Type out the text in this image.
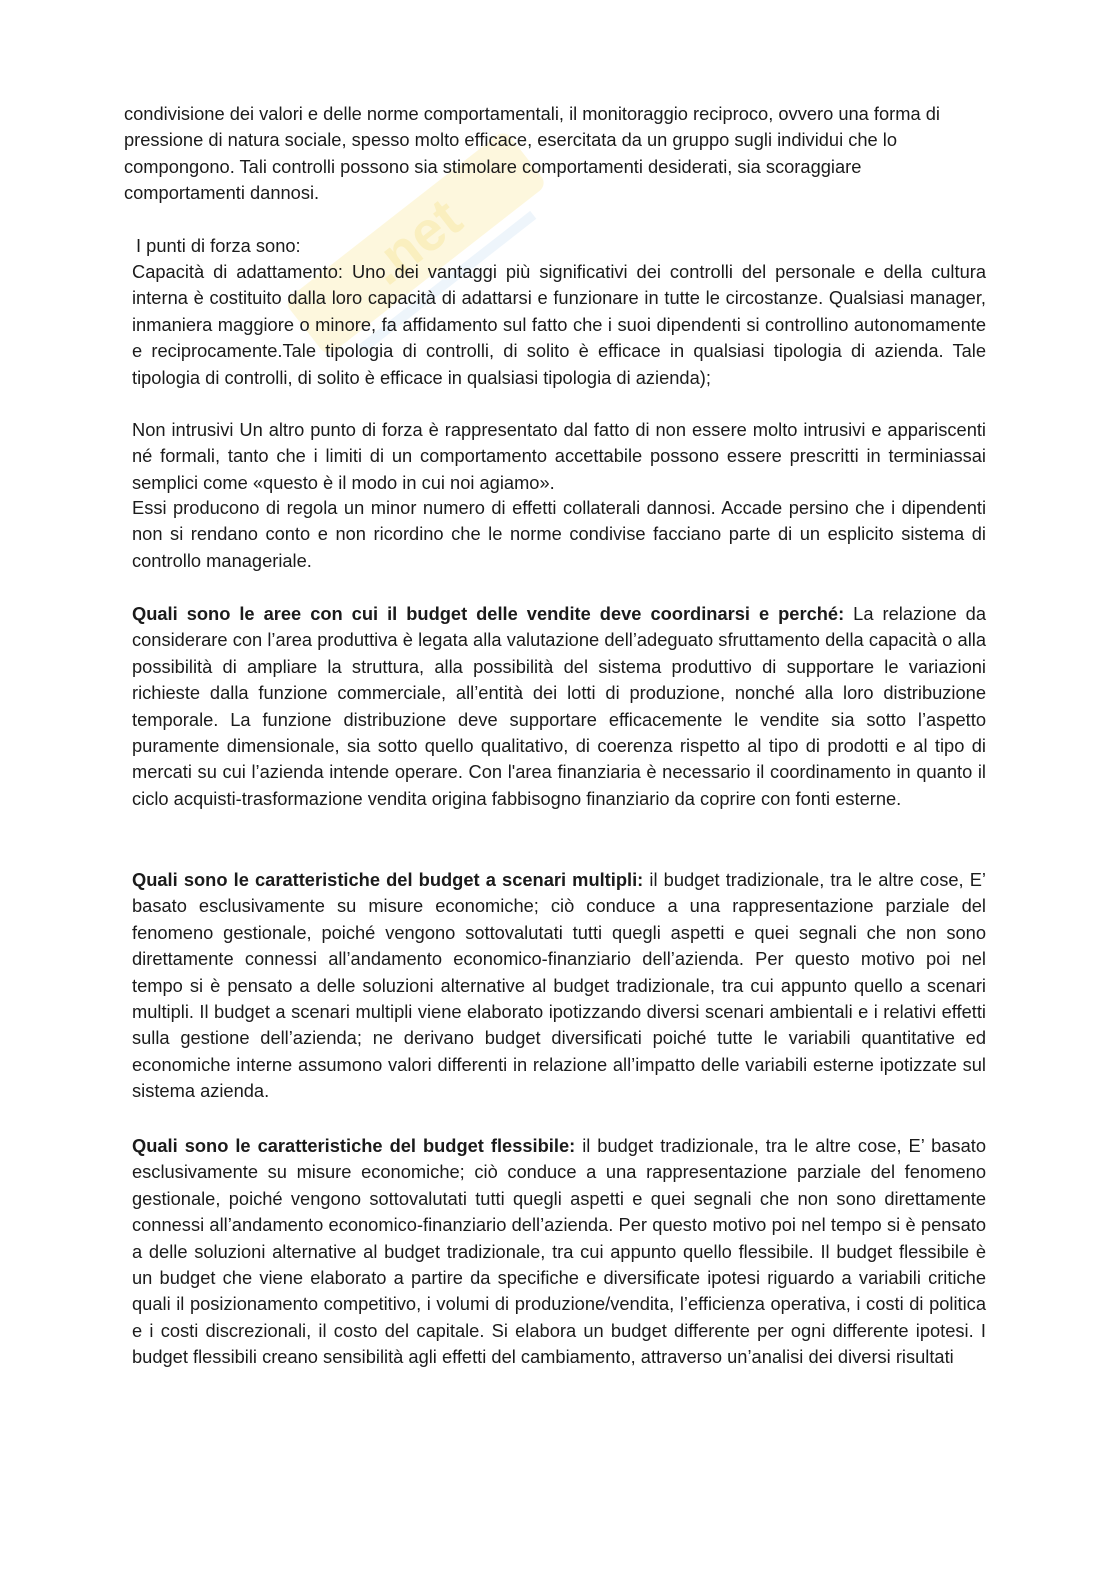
.net

condivisione dei valori e delle norme comportamentali, il monitoraggio reciproco, ovvero una forma di pressione di natura sociale, spesso molto efficace, esercitata da un gruppo sugli individui che lo compongono. Tali controlli possono sia stimolare comportamenti desiderati, sia scoraggiare comportamenti dannosi.

I punti di forza sono:

Capacità di adattamento: Uno dei vantaggi più significativi dei controlli del personale e della cultura interna è costituito dalla loro capacità di adattarsi e funzionare in tutte le circostanze. Qualsiasi manager, inmaniera maggiore o minore, fa affidamento sul fatto che i suoi dipendenti si controllino autonomamente e reciprocamente.Tale tipologia di controlli, di solito è efficace in qualsiasi tipologia di azienda. Tale tipologia di controlli, di solito è efficace in qualsiasi tipologia di azienda);

Non intrusivi Un altro punto di forza è rappresentato dal fatto di non essere molto intrusivi e appariscenti né formali, tanto che i limiti di un comportamento accettabile possono essere prescritti in terminiassai semplici come «questo è il modo in cui noi agiamo».

Essi producono di regola un minor numero di effetti collaterali dannosi. Accade persino che i dipendenti non si rendano conto e non ricordino che le norme condivise facciano parte di un esplicito sistema di controllo manageriale.

Quali sono le aree con cui il budget delle vendite deve coordinarsi e perché: La relazione da considerare con l’area produttiva è legata alla valutazione dell’adeguato sfruttamento della capacità o alla possibilità di ampliare la struttura, alla possibilità del sistema produttivo di supportare le variazioni richieste dalla funzione commerciale, all’entità dei lotti di produzione, nonché alla loro distribuzione temporale. La funzione distribuzione deve supportare efficacemente le vendite sia sotto l’aspetto puramente dimensionale, sia sotto quello qualitativo, di coerenza rispetto al tipo di prodotti e al tipo di mercati su cui l’azienda intende operare. Con l'area finanziaria è necessario il coordinamento in quanto il ciclo acquisti-trasformazione vendita origina fabbisogno finanziario da coprire con fonti esterne.

Quali sono le caratteristiche del budget a scenari multipli: il budget tradizionale, tra le altre cose, E’ basato esclusivamente su misure economiche; ciò conduce a una rappresentazione parziale del fenomeno gestionale, poiché vengono sottovalutati tutti quegli aspetti e quei segnali che non sono direttamente connessi all’andamento economico-finanziario dell’azienda. Per questo motivo poi nel tempo si è pensato a delle soluzioni alternative al budget tradizionale, tra cui appunto quello a scenari multipli. Il budget a scenari multipli viene elaborato ipotizzando diversi scenari ambientali e i relativi effetti sulla gestione dell’azienda; ne derivano budget diversificati poiché tutte le variabili quantitative ed economiche interne assumono valori differenti in relazione all’impatto delle variabili esterne ipotizzate sul sistema azienda.

Quali sono le caratteristiche del budget flessibile: il budget tradizionale, tra le altre cose, E’ basato esclusivamente su misure economiche; ciò conduce a una rappresentazione parziale del fenomeno gestionale, poiché vengono sottovalutati tutti quegli aspetti e quei segnali che non sono direttamente connessi all’andamento economico-finanziario dell’azienda. Per questo motivo poi nel tempo si è pensato a delle soluzioni alternative al budget tradizionale, tra cui appunto quello flessibile. Il budget flessibile è un budget che viene elaborato a partire da specifiche e diversificate ipotesi riguardo a variabili critiche quali il posizionamento competitivo, i volumi di produzione/vendita, l’efficienza operativa, i costi di politica e i costi discrezionali, il costo del capitale. Si elabora un budget differente per ogni differente ipotesi. I budget flessibili creano sensibilità agli effetti del cambiamento, attraverso un’analisi dei diversi risultati
